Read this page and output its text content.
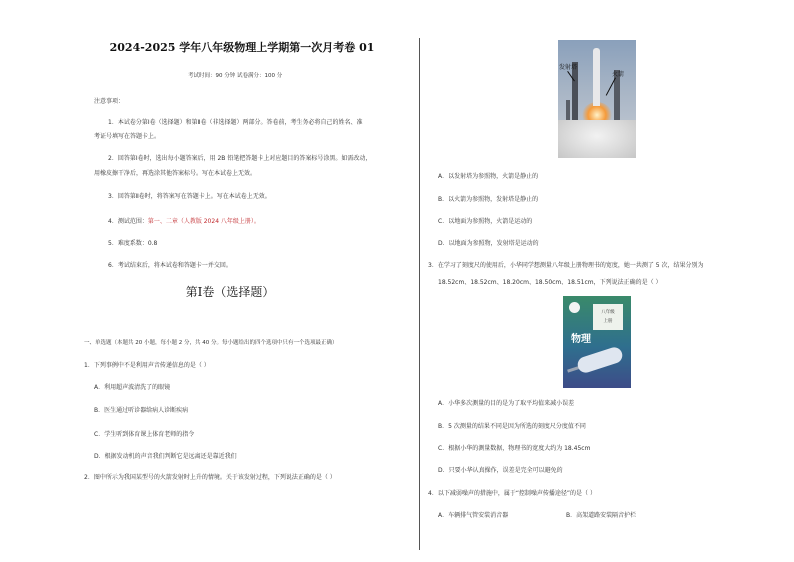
2024-2025 学年八年级物理上学期第一次月考卷 01
考试时间：90 分钟 试卷满分：100 分
注意事项：
1．本试卷分第Ⅰ卷（选择题）和第Ⅱ卷（非选择题）两部分。答卷前，考生务必将自己的姓名、准
考证号填写在答题卡上。
2．回答第Ⅰ卷时，选出每小题答案后，用 2B 铅笔把答题卡上对应题目的答案标号涂黑。如需改动，
用橡皮擦干净后，再选涂其他答案标号。写在本试卷上无效。
3．回答第Ⅱ卷时，将答案写在答题卡上。写在本试卷上无效。
4．测试范围：第一、二章（人教版 2024 八年级上册）。
5．难度系数：0.8
6．考试结束后，将本试卷和答题卡一并交回。
第Ⅰ卷（选择题）
一、单选题（本题共 20 小题，每小题 2 分，共 40 分。每小题给出的四个选项中只有一个选项最正确）
1．下列事例中不是利用声音传递信息的是（ ）
A．利用超声波清洗了的眼镜
B．医生通过听诊器给病人诊断疾病
C．学生听到体育课上体育老师的指令
D．根据发动机的声音我们判断它是远离还是靠近我们
2．图中所示为我国某型号的火箭发射时上升的情境。关于该发射过程，下列说法正确的是（ ）
发射塔
火箭
A．以发射塔为参照物，火箭是静止的
B．以火箭为参照物，发射塔是静止的
C．以地面为参照物，火箭是运动的
D．以地面为参照物，发射塔是运动的
3．在学习了刻度尺的使用后，小华同学想测量八年级上册物理书的宽度，她一共测了 5 次，结果分别为
18.52cm、18.52cm、18.20cm、18.50cm、18.51cm，下列说法正确的是（ ）
八年级
上册
物理
A．小华多次测量的目的是为了取平均值来减小误差
B．5 次测量的结果不同是因为所选的刻度尺分度值不同
C．根据小华的测量数据，物理书的宽度大约为 18.45cm
D．只要小华认真操作，误差是完全可以避免的
4．以下减弱噪声的措施中，属于“控制噪声传播途径”的是（ ）
A．车辆排气管安装消音器	B．高架道路安装隔音护栏
